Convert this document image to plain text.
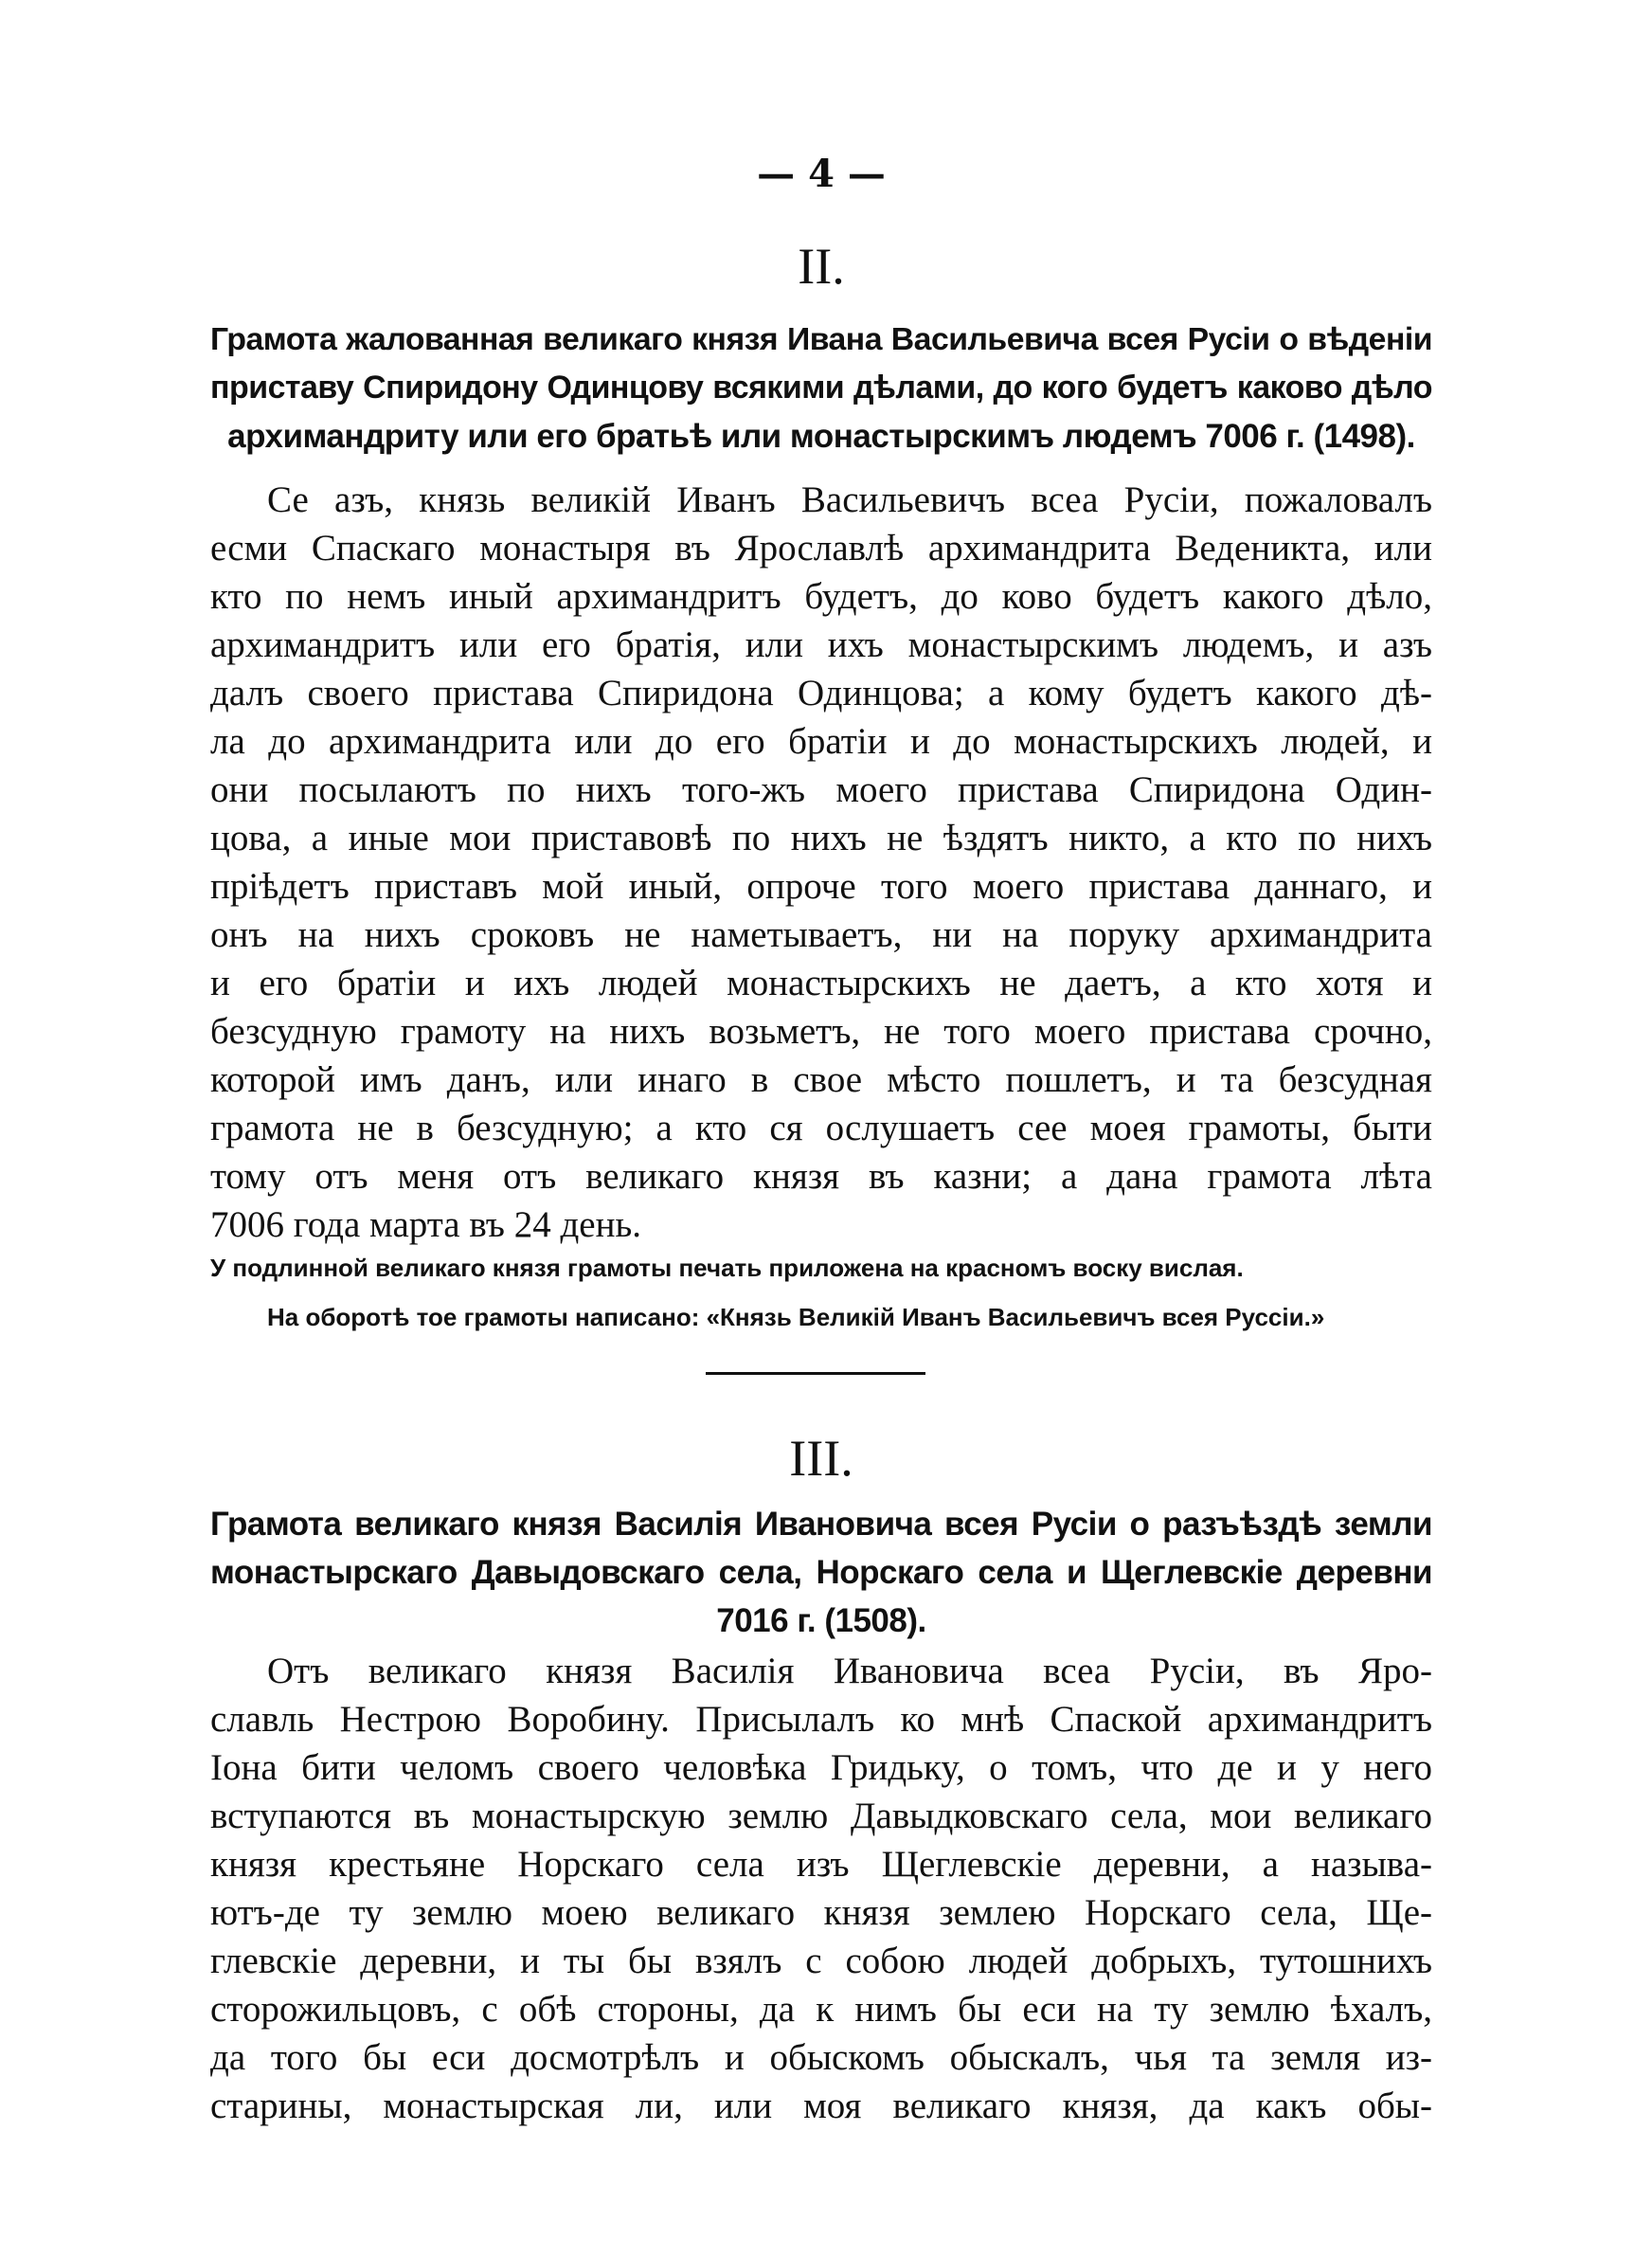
— 4 —
II.
Грамота жалованная великаго князя Ивана Васильевича всея Русіи о вѣденіи
приставу Спиридону Одинцову всякими дѣлами, до кого будетъ каково дѣло
архимандриту или его братьѣ или монастырскимъ людемъ 7006 г. (1498).
Се азъ, князь великій Иванъ Васильевичъ всеа Русіи, пожаловалъ
есми Спаскаго монастыря въ Ярославлѣ архимандрита Веденикта, или
кто по немъ иный архимандритъ будетъ, до ково будетъ какого дѣло,
архимандритъ или его братія, или ихъ монастырскимъ людемъ, и азъ
далъ своего пристава Спиридона Одинцова; а кому будетъ какого дѣ-
ла до архимандрита или до его братіи и до монастырскихъ людей, и
они посылаютъ по нихъ того-жъ моего пристава Спиридона Один-
цова, а иные мои приставовѣ по нихъ не ѣздятъ никто, а кто по нихъ
пріѣдетъ приставъ мой иный, опроче того моего пристава даннаго, и
онъ на нихъ сроковъ не наметываетъ, ни на поруку архимандрита
и его братіи и ихъ людей монастырскихъ не даетъ, а кто хотя и
безсудную грамоту на нихъ возьметъ, не того моего пристава срочно,
которой имъ данъ, или инаго в свое мѣсто пошлетъ, и та безсудная
грамота не в безсудную; а кто ся ослушаетъ сее моея грамоты, быти
тому отъ меня отъ великаго князя въ казни; а дана грамота лѣта
7006 года марта въ 24 день.
У подлинной великаго князя грамоты печать приложена на красномъ воску вислая.
На оборотѣ тое грамоты написано: «Князь Великій Иванъ Васильевичъ всея Руссіи.»
III.
Грамота великаго князя Василія Ивановича всея Русіи о разъѣздѣ земли
монастырскаго Давыдовскаго села, Норскаго села и Щеглевскіе деревни
7016 г. (1508).
Отъ великаго князя Василія Ивановича всеа Русіи, въ Яро-
славль Нестрою Воробину. Присылалъ ко мнѣ Спаской архимандритъ
Іона бити челомъ своего человѣка Гридьку, о томъ, что де и у него
вступаются въ монастырскую землю Давыдковскаго села, мои великаго
князя крестьяне Норскаго села изъ Щеглевскіе деревни, а называ-
ютъ-де ту землю моею великаго князя землею Норскаго села, Ще-
глевскіе деревни, и ты бы взялъ с собою людей добрыхъ, тутошнихъ
сторожильцовъ, с обѣ стороны, да к нимъ бы еси на ту землю ѣхалъ,
да того бы еси досмотрѣлъ и обыскомъ обыскалъ, чья та земля из-
старины, монастырская ли, или моя великаго князя, да какъ обы-
